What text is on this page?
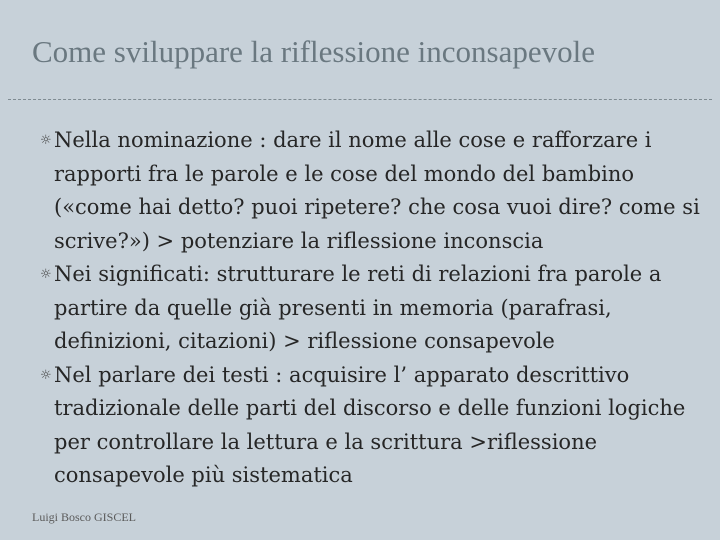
Come sviluppare la riflessione inconsapevole
☼ Nella nominazione : dare il nome alle cose e rafforzare i rapporti fra le parole e le cose del mondo del bambino («come hai detto? puoi ripetere? che cosa vuoi dire? come si scrive?») > potenziare la riflessione inconscia
☼ Nei significati: strutturare le reti di relazioni fra parole a partire da quelle già presenti in memoria (parafrasi, definizioni, citazioni) > riflessione consapevole
☼ Nel parlare dei testi : acquisire l’ apparato descrittivo tradizionale delle parti del discorso e delle funzioni logiche per controllare la lettura e la scrittura >riflessione consapevole più sistematica
Luigi Bosco GISCEL
